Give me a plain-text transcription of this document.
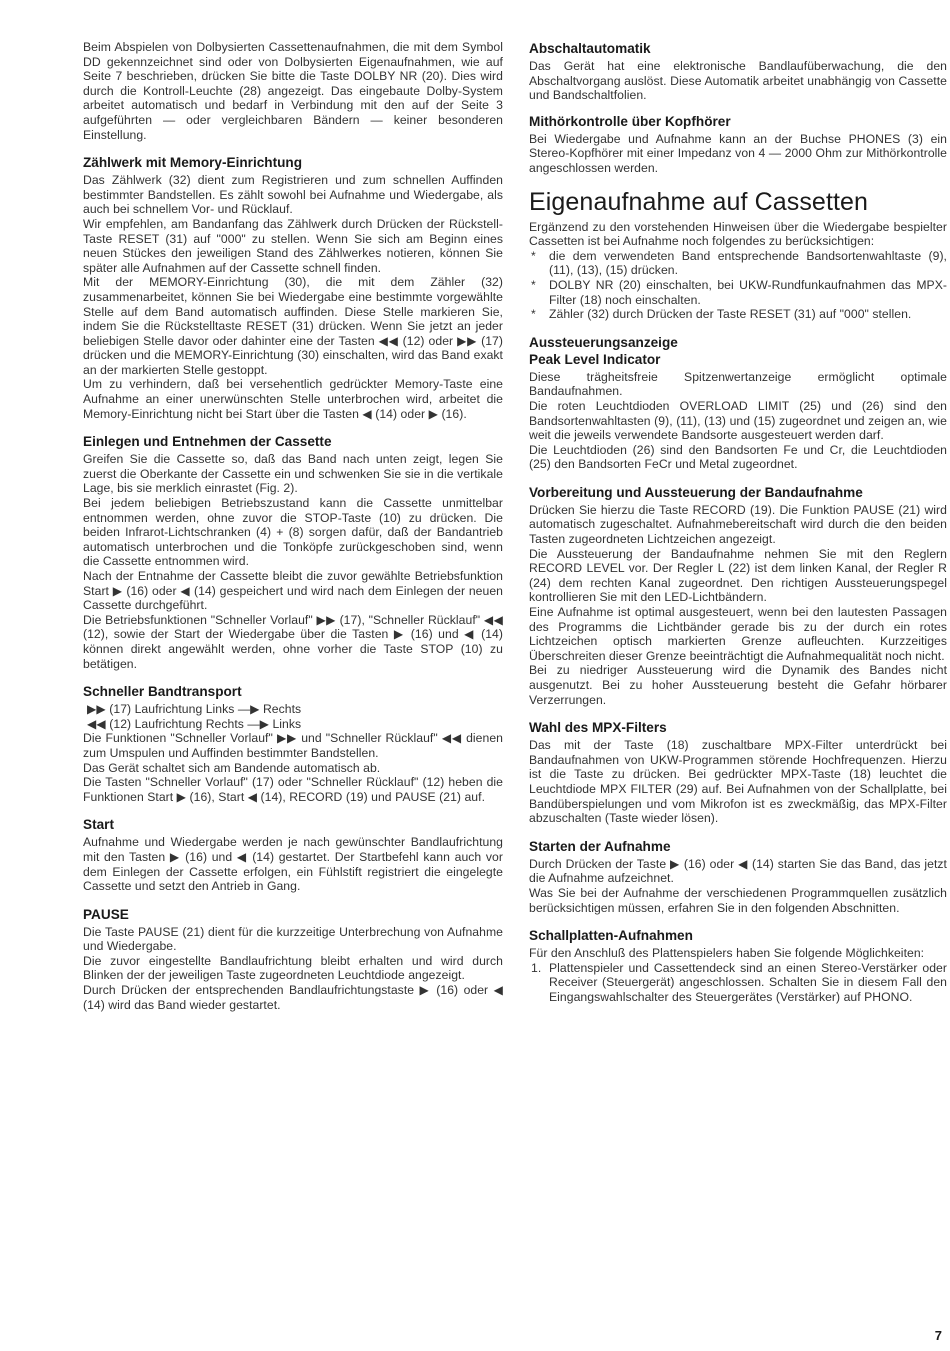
Beim Abspielen von Dolbysierten Cassettenaufnahmen, die mit dem Symbol DD gekennzeichnet sind oder von Dolbysierten Eigenaufnahmen, wie auf Seite 7 beschrieben, drücken Sie bitte die Taste DOLBY NR (20). Dies wird durch die Kontroll-Leuchte (28) angezeigt. Das eingebaute Dolby-System arbeitet automatisch und bedarf in Verbindung mit den auf der Seite 3 aufgeführten — oder vergleichbaren Bändern — keiner besonderen Einstellung.

Zählwerk mit Memory-Einrichtung

Das Zählwerk (32) dient zum Registrieren und zum schnellen Auffinden bestimmter Bandstellen. Es zählt sowohl bei Aufnahme und Wiedergabe, als auch bei schnellem Vor- und Rücklauf.

Wir empfehlen, am Bandanfang das Zählwerk durch Drücken der Rückstell-Taste RESET (31) auf "000" zu stellen. Wenn Sie sich am Beginn eines neuen Stückes den jeweiligen Stand des Zählwerkes notieren, können Sie später alle Aufnahmen auf der Cassette schnell finden.

Mit der MEMORY-Einrichtung (30), die mit dem Zähler (32) zusammenarbeitet, können Sie bei Wiedergabe eine bestimmte vorgewählte Stelle auf dem Band automatisch auffinden. Diese Stelle markieren Sie, indem Sie die Rückstelltaste RESET (31) drücken. Wenn Sie jetzt an jeder beliebigen Stelle davor oder dahinter eine der Tasten ◀◀ (12) oder ▶▶ (17) drücken und die MEMORY-Einrichtung (30) einschalten, wird das Band exakt an der markierten Stelle gestoppt.

Um zu verhindern, daß bei versehentlich gedrückter Memory-Taste eine Aufnahme an einer unerwünschten Stelle unterbrochen wird, arbeitet die Memory-Einrichtung nicht bei Start über die Tasten ◀ (14) oder ▶ (16).

Einlegen und Entnehmen der Cassette

Greifen Sie die Cassette so, daß das Band nach unten zeigt, legen Sie zuerst die Oberkante der Cassette ein und schwenken Sie sie in die vertikale Lage, bis sie merklich einrastet (Fig. 2).

Bei jedem beliebigen Betriebszustand kann die Cassette unmittelbar entnommen werden, ohne zuvor die STOP-Taste (10) zu drücken. Die beiden Infrarot-Lichtschranken (4) + (8) sorgen dafür, daß der Bandantrieb automatisch unterbrochen und die Tonköpfe zurückgeschoben sind, wenn die Cassette entnommen wird.

Nach der Entnahme der Cassette bleibt die zuvor gewählte Betriebsfunktion Start ▶ (16) oder ◀ (14) gespeichert und wird nach dem Einlegen der neuen Cassette durchgeführt.

Die Betriebsfunktionen "Schneller Vorlauf" ▶▶ (17), "Schneller Rücklauf" ◀◀ (12), sowie der Start der Wiedergabe über die Tasten ▶ (16) und ◀ (14) können direkt angewählt werden, ohne vorher die Taste STOP (10) zu betätigen.

Schneller Bandtransport
▶▶ (17) Laufrichtung Links —▶ Rechts
◀◀ (12) Laufrichtung Rechts —▶ Links

Die Funktionen "Schneller Vorlauf" ▶▶ und "Schneller Rücklauf" ◀◀ dienen zum Umspulen und Auffinden bestimmter Bandstellen.

Das Gerät schaltet sich am Bandende automatisch ab.

Die Tasten "Schneller Vorlauf" (17) oder "Schneller Rücklauf" (12) heben die Funktionen Start ▶ (16), Start ◀ (14), RECORD (19) und PAUSE (21) auf.

Start

Aufnahme und Wiedergabe werden je nach gewünschter Bandlaufrichtung mit den Tasten ▶ (16) und ◀ (14) gestartet. Der Startbefehl kann auch vor dem Einlegen der Cassette erfolgen, ein Fühlstift registriert die eingelegte Cassette und setzt den Antrieb in Gang.

PAUSE

Die Taste PAUSE (21) dient für die kurzzeitige Unterbrechung von Aufnahme und Wiedergabe.

Die zuvor eingestellte Bandlaufrichtung bleibt erhalten und wird durch Blinken der der jeweiligen Taste zugeordneten Leuchtdiode angezeigt.

Durch Drücken der entsprechenden Bandlaufrichtungstaste ▶ (16) oder ◀ (14) wird das Band wieder gestartet.

Abschaltautomatik

Das Gerät hat eine elektronische Bandlaufüberwachung, die den Abschaltvorgang auslöst. Diese Automatik arbeitet unabhängig von Cassette und Bandschaltfolien.

Mithörkontrolle über Kopfhörer

Bei Wiedergabe und Aufnahme kann an der Buchse PHONES (3) ein Stereo-Kopfhörer mit einer Impedanz von 4 — 2000 Ohm zur Mithörkontrolle angeschlossen werden.

Eigenaufnahme auf Cassetten

Ergänzend zu den vorstehenden Hinweisen über die Wiedergabe bespielter Cassetten ist bei Aufnahme noch folgendes zu berücksichtigen:

*	die dem verwendeten Band entsprechende Bandsortenwahltaste (9), (11), (13), (15) drücken.
*	DOLBY NR (20) einschalten, bei UKW-Rundfunkaufnahmen das MPX-Filter (18) noch einschalten.
*	Zähler (32) durch Drücken der Taste RESET (31) auf "000" stellen.
Aussteuerungsanzeige
Peak Level Indicator

Diese trägheitsfreie Spitzenwertanzeige ermöglicht optimale Bandaufnahmen.

Die roten Leuchtdioden OVERLOAD LIMIT (25) und (26) sind den Bandsortenwahltasten (9), (11), (13) und (15) zugeordnet und zeigen an, wie weit die jeweils verwendete Bandsorte ausgesteuert werden darf.

Die Leuchtdioden (26) sind den Bandsorten Fe und Cr, die Leuchtdioden (25) den Bandsorten FeCr und Metal zugeordnet.

Vorbereitung und Aussteuerung der Bandaufnahme

Drücken Sie hierzu die Taste RECORD (19). Die Funktion PAUSE (21) wird automatisch zugeschaltet. Aufnahmebereitschaft wird durch die den beiden Tasten zugeordneten Lichtzeichen angezeigt.

Die Aussteuerung der Bandaufnahme nehmen Sie mit den Reglern RECORD LEVEL vor. Der Regler L (22) ist dem linken Kanal, der Regler R (24) dem rechten Kanal zugeordnet. Den richtigen Aussteuerungspegel kontrollieren Sie mit den LED-Lichtbändern.

Eine Aufnahme ist optimal ausgesteuert, wenn bei den lautesten Passagen des Programms die Lichtbänder gerade bis zu der durch ein rotes Lichtzeichen optisch markierten Grenze aufleuchten. Kurzzeitiges Überschreiten dieser Grenze beeinträchtigt die Aufnahmequalität noch nicht.

Bei zu niedriger Aussteuerung wird die Dynamik des Bandes nicht ausgenutzt. Bei zu hoher Aussteuerung besteht die Gefahr hörbarer Verzerrungen.

Wahl des MPX-Filters

Das mit der Taste (18) zuschaltbare MPX-Filter unterdrückt bei Bandaufnahmen von UKW-Programmen störende Hochfrequenzen. Hierzu ist die Taste zu drücken. Bei gedrückter MPX-Taste (18) leuchtet die Leuchtdiode MPX FILTER (29) auf. Bei Aufnahmen von der Schallplatte, bei Bandüberspielungen und vom Mikrofon ist es zweckmäßig, das MPX-Filter abzuschalten (Taste wieder lösen).

Starten der Aufnahme

Durch Drücken der Taste ▶ (16) oder ◀ (14) starten Sie das Band, das jetzt die Aufnahme aufzeichnet.

Was Sie bei der Aufnahme der verschiedenen Programmquellen zusätzlich berücksichtigen müssen, erfahren Sie in den folgenden Abschnitten.

Schallplatten-Aufnahmen

Für den Anschluß des Plattenspielers haben Sie folgende Möglichkeiten:

1. Plattenspieler und Cassettendeck sind an einen Stereo-Verstärker oder Receiver (Steuergerät) angeschlossen. Schalten Sie in diesem Fall den Eingangswahlschalter des Steuergerätes (Verstärker) auf PHONO.
7
